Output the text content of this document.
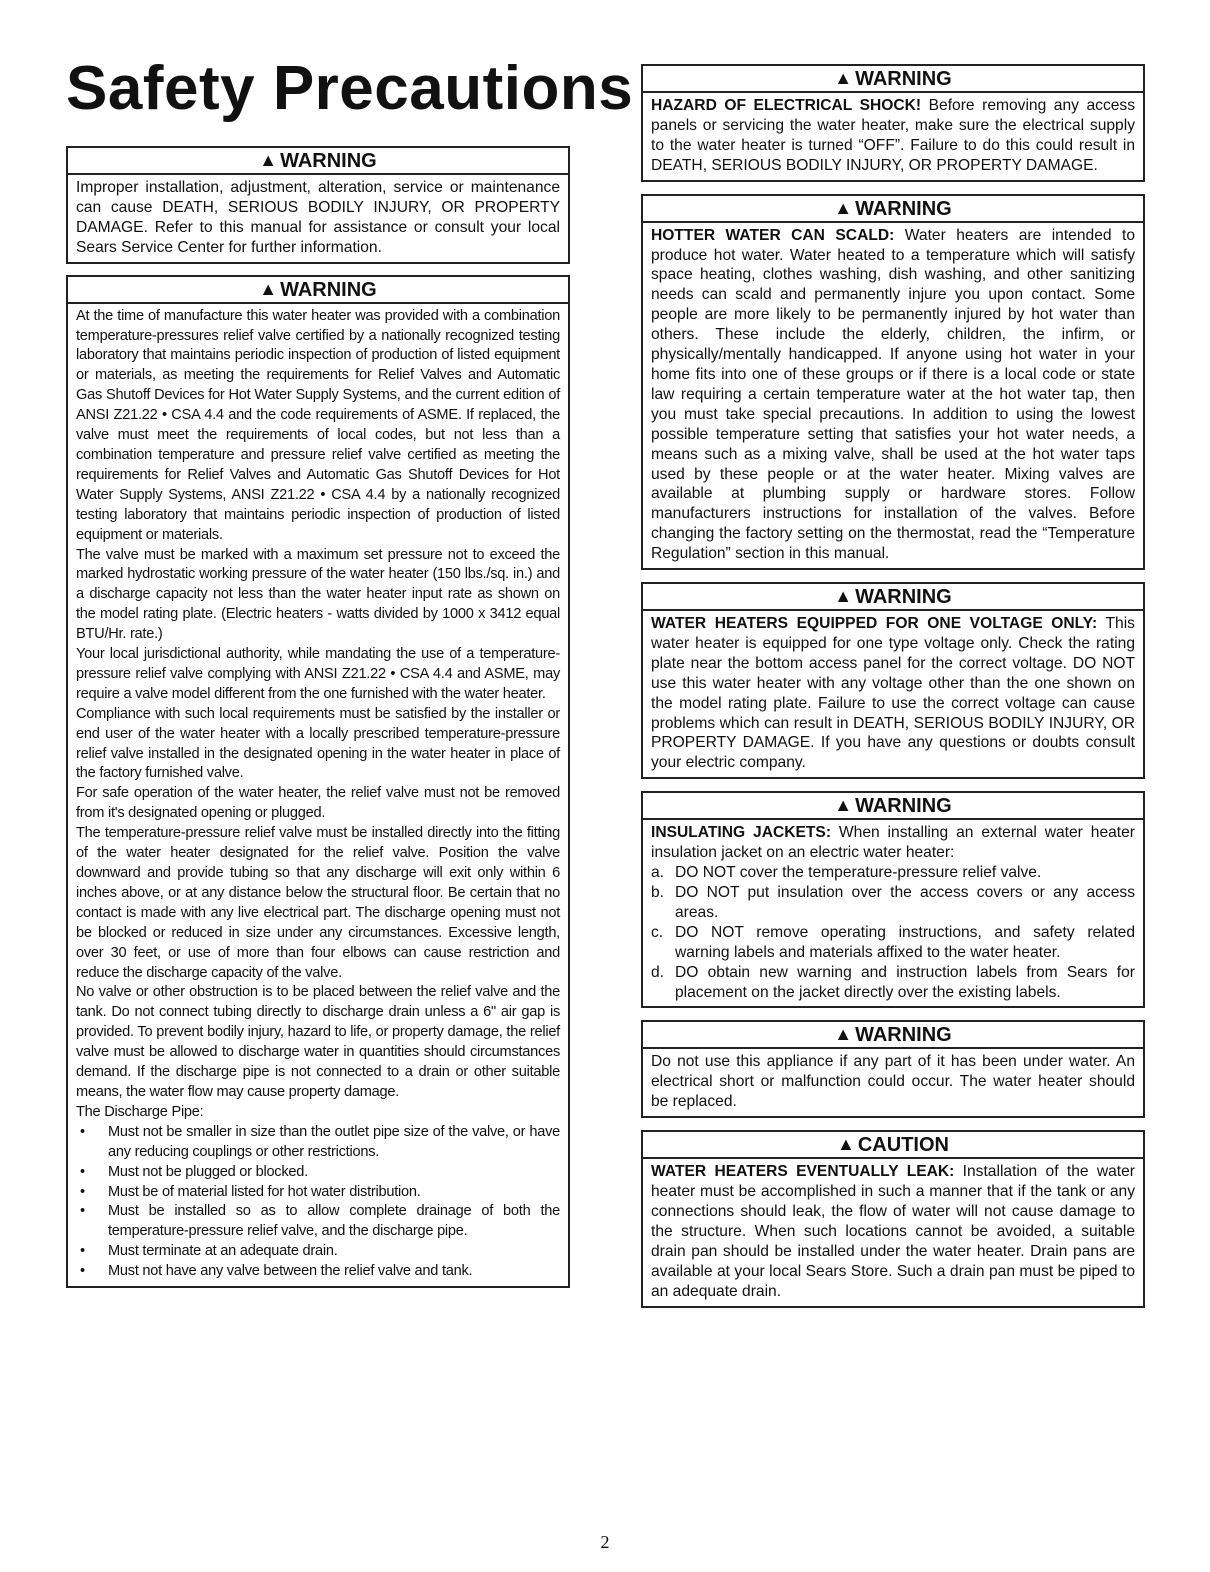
Safety Precautions
▲ WARNING

Improper installation, adjustment, alteration, service or maintenance can cause DEATH, SERIOUS BODILY INJURY, OR PROPERTY DAMAGE. Refer to this manual for assistance or consult your local Sears Service Center for further information.

▲ WARNING

At the time of manufacture this water heater was provided with a combination temperature-pressures relief valve certified by a nationally recognized testing laboratory that maintains periodic inspection of production of listed equipment or materials, as meeting the requirements for Relief Valves and Automatic Gas Shutoff Devices for Hot Water Supply Systems, and the current edition of ANSI Z21.22 • CSA 4.4 and the code requirements of ASME. If replaced, the valve must meet the requirements of local codes, but not less than a combination temperature and pressure relief valve certified as meeting the requirements for Relief Valves and Automatic Gas Shutoff Devices for Hot Water Supply Systems, ANSI Z21.22 • CSA 4.4 by a nationally recognized testing laboratory that maintains periodic inspection of production of listed equipment or materials.

The valve must be marked with a maximum set pressure not to exceed the marked hydrostatic working pressure of the water heater (150 lbs./sq. in.) and a discharge capacity not less than the water heater input rate as shown on the model rating plate. (Electric heaters - watts divided by 1000 x 3412 equal BTU/Hr. rate.)

Your local jurisdictional authority, while mandating the use of a temperature-pressure relief valve complying with ANSI Z21.22 • CSA 4.4 and ASME, may require a valve model different from the one furnished with the water heater.

Compliance with such local requirements must be satisfied by the installer or end user of the water heater with a locally prescribed temperature-pressure relief valve installed in the designated opening in the water heater in place of the factory furnished valve.

For safe operation of the water heater, the relief valve must not be removed from it's designated opening or plugged.

The temperature-pressure relief valve must be installed directly into the fitting of the water heater designated for the relief valve. Position the valve downward and provide tubing so that any discharge will exit only within 6 inches above, or at any distance below the structural floor. Be certain that no contact is made with any live electrical part. The discharge opening must not be blocked or reduced in size under any circumstances. Excessive length, over 30 feet, or use of more than four elbows can cause restriction and reduce the discharge capacity of the valve.

No valve or other obstruction is to be placed between the relief valve and the tank. Do not connect tubing directly to discharge drain unless a 6" air gap is provided. To prevent bodily injury, hazard to life, or property damage, the relief valve must be allowed to discharge water in quantities should circumstances demand. If the discharge pipe is not connected to a drain or other suitable means, the water flow may cause property damage.

The Discharge Pipe:

• Must not be smaller in size than the outlet pipe size of the valve, or have any reducing couplings or other restrictions.
• Must not be plugged or blocked.
• Must be of material listed for hot water distribution.
• Must be installed so as to allow complete drainage of both the temperature-pressure relief valve, and the discharge pipe.
• Must terminate at an adequate drain.
• Must not have any valve between the relief valve and tank.
▲ WARNING

HAZARD OF ELECTRICAL SHOCK! Before removing any access panels or servicing the water heater, make sure the electrical supply to the water heater is turned “OFF”. Failure to do this could result in DEATH, SERIOUS BODILY INJURY, OR PROPERTY DAMAGE.

▲ WARNING

HOTTER WATER CAN SCALD: Water heaters are intended to produce hot water. Water heated to a temperature which will satisfy space heating, clothes washing, dish washing, and other sanitizing needs can scald and permanently injure you upon contact. Some people are more likely to be permanently injured by hot water than others. These include the elderly, children, the infirm, or physically/mentally handicapped. If anyone using hot water in your home fits into one of these groups or if there is a local code or state law requiring a certain temperature water at the hot water tap, then you must take special precautions. In addition to using the lowest possible temperature setting that satisfies your hot water needs, a means such as a mixing valve, shall be used at the hot water taps used by these people or at the water heater. Mixing valves are available at plumbing supply or hardware stores. Follow manufacturers instructions for installation of the valves. Before changing the factory setting on the thermostat, read the “Temperature Regulation” section in this manual.

▲ WARNING

WATER HEATERS EQUIPPED FOR ONE VOLTAGE ONLY: This water heater is equipped for one type voltage only. Check the rating plate near the bottom access panel for the correct voltage. DO NOT use this water heater with any voltage other than the one shown on the model rating plate. Failure to use the correct voltage can cause problems which can result in DEATH, SERIOUS BODILY INJURY, OR PROPERTY DAMAGE. If you have any questions or doubts consult your electric company.

▲ WARNING

INSULATING JACKETS: When installing an external water heater insulation jacket on an electric water heater:

a. DO NOT cover the temperature-pressure relief valve.
b. DO NOT put insulation over the access covers or any access areas.
c. DO NOT remove operating instructions, and safety related warning labels and materials affixed to the water heater.
d. DO obtain new warning and instruction labels from Sears for placement on the jacket directly over the existing labels.
▲ WARNING

Do not use this appliance if any part of it has been under water. An electrical short or malfunction could occur. The water heater should be replaced.

▲ CAUTION

WATER HEATERS EVENTUALLY LEAK: Installation of the water heater must be accomplished in such a manner that if the tank or any connections should leak, the flow of water will not cause damage to the structure. When such locations cannot be avoided, a suitable drain pan should be installed under the water heater. Drain pans are available at your local Sears Store. Such a drain pan must be piped to an adequate drain.

2
